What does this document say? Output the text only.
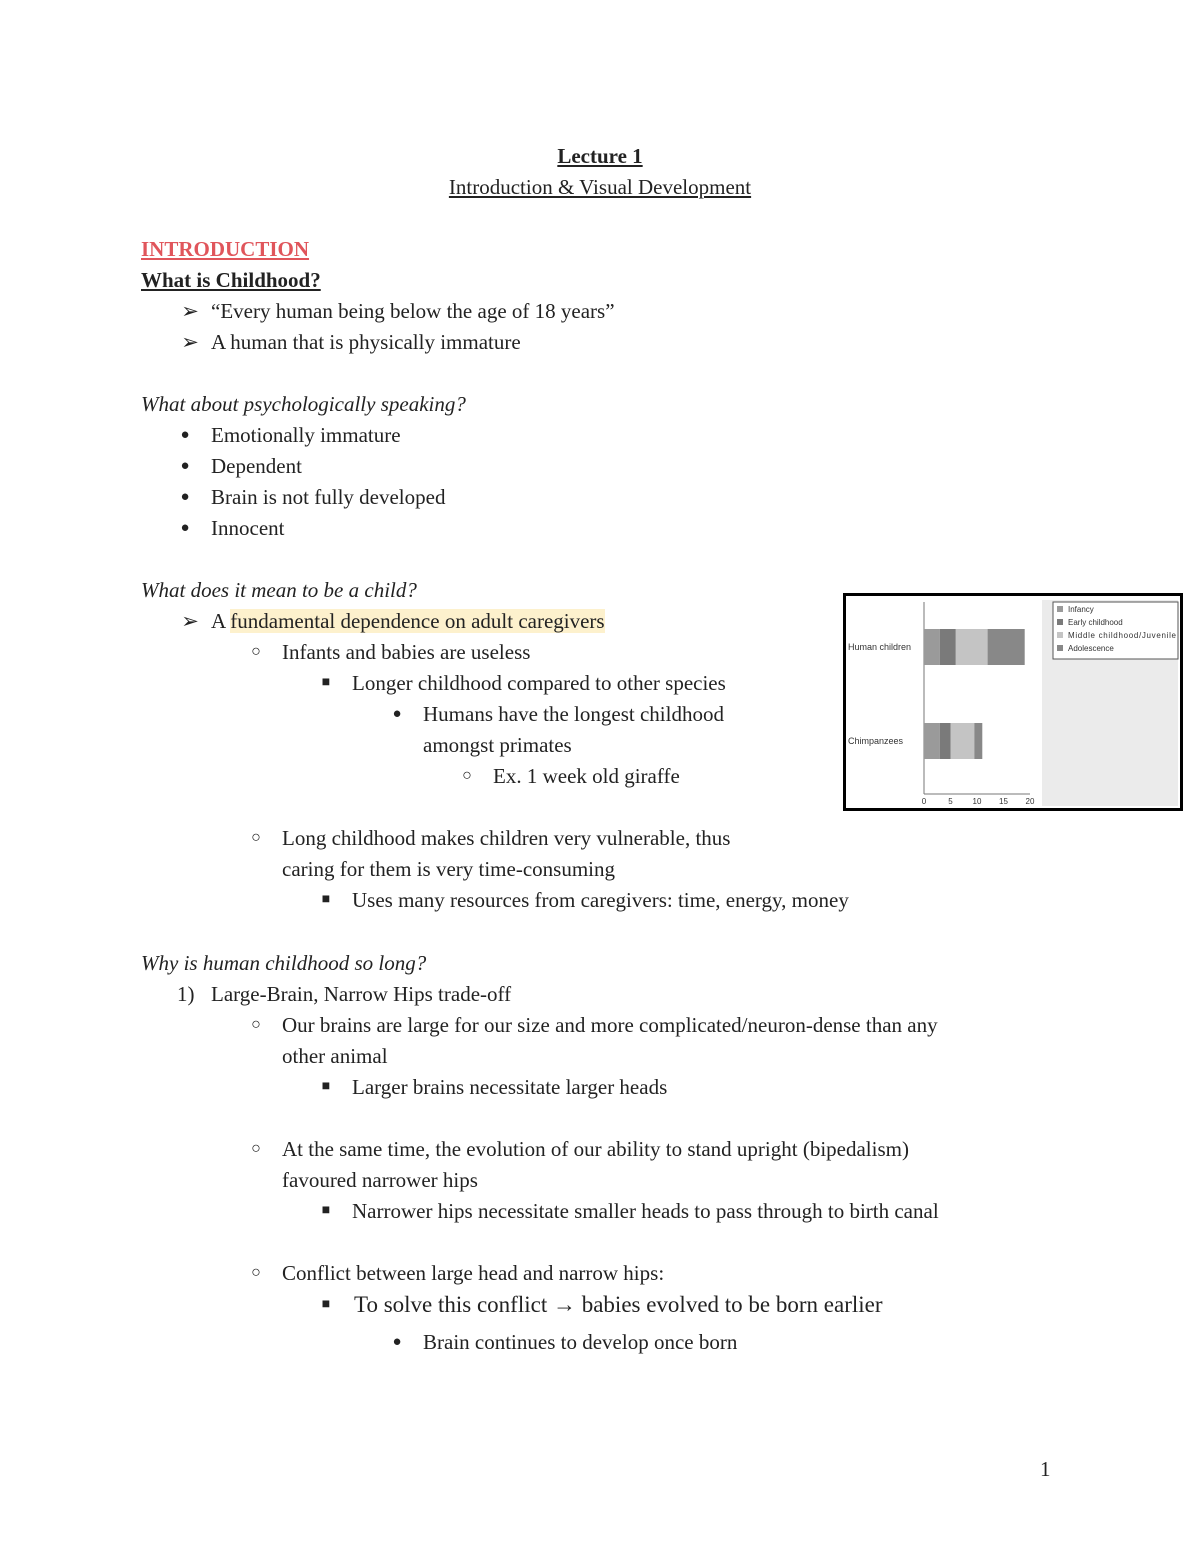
Lecture 1
Introduction & Visual Development
INTRODUCTION
What is Childhood?
➢ “Every human being below the age of 18 years”
➢ A human that is physically immature
What about psychologically speaking?
● Emotionally immature
● Dependent
● Brain is not fully developed
● Innocent
What does it mean to be a child?
➢ A fundamental dependence on adult caregivers
○ Infants and babies are useless
■ Longer childhood compared to other species
● Humans have the longest childhood
amongst primates
○ Ex. 1 week old giraffe
○ Long childhood makes children very vulnerable, thus
caring for them is very time-consuming
■ Uses many resources from caregivers: time, energy, money
Human children
Chimpanzees
0	5 10 15 20
Infancy
Early childhood
Middle childhood/Juvenile
Adolescence
Why is human childhood so long?
1) Large-Brain, Narrow Hips trade-off
○ Our brains are large for our size and more complicated/neuron-dense than any
other animal
■ Larger brains necessitate larger heads
○ At the same time, the evolution of our ability to stand upright (bipedalism)
favoured narrower hips
■ Narrower hips necessitate smaller heads to pass through to birth canal
○ Conflict between large head and narrow hips:
■ To solve this conflict → babies evolved to be born earlier
● Brain continues to develop once born
1
